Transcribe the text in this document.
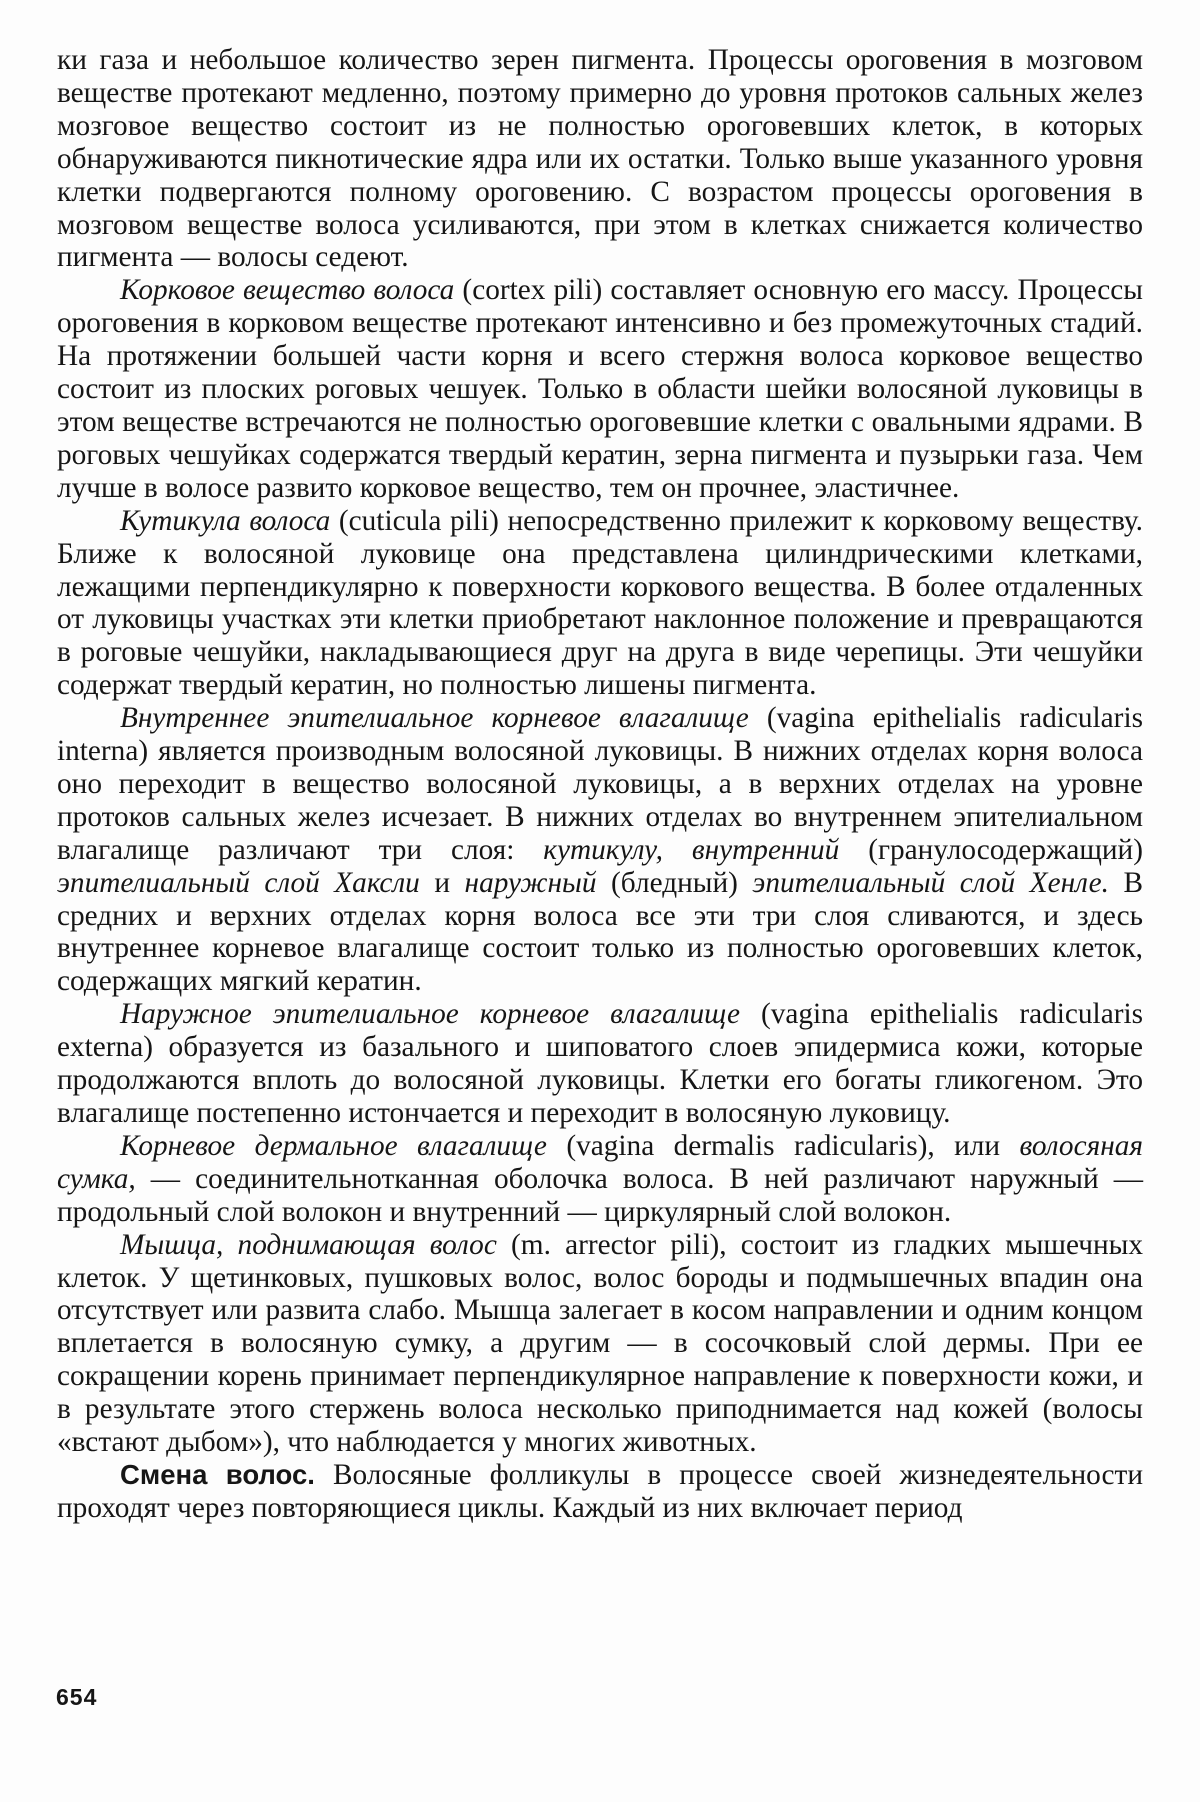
ки газа и небольшое количество зерен пигмента. Процессы ороговения в мозговом веществе протекают медленно, поэтому примерно до уровня протоков сальных желез мозговое вещество состоит из не полностью ороговевших клеток, в которых обнаруживаются пикнотические ядра или их остатки. Только выше указанного уровня клетки подвергаются полному ороговению. С возрастом процессы ороговения в мозговом веществе волоса усиливаются, при этом в клетках снижается количество пигмента — волосы седеют.

Корковое вещество волоса (cortex pili) составляет основную его массу. Процессы ороговения в корковом веществе протекают интенсивно и без промежуточных стадий. На протяжении большей части корня и всего стержня волоса корковое вещество состоит из плоских роговых чешуек. Только в области шейки волосяной луковицы в этом веществе встречаются не полностью ороговевшие клетки с овальными ядрами. В роговых чешуйках содержатся твердый кератин, зерна пигмента и пузырьки газа. Чем лучше в волосе развито корковое вещество, тем он прочнее, эластичнее.

Кутикула волоса (cuticula pili) непосредственно прилежит к корковому веществу. Ближе к волосяной луковице она представлена цилиндрическими клетками, лежащими перпендикулярно к поверхности коркового вещества. В более отдаленных от луковицы участках эти клетки приобретают наклонное положение и превращаются в роговые чешуйки, накладывающиеся друг на друга в виде черепицы. Эти чешуйки содержат твердый кератин, но полностью лишены пигмента.

Внутреннее эпителиальное корневое влагалище (vagina epithelialis radicularis interna) является производным волосяной луковицы. В нижних отделах корня волоса оно переходит в вещество волосяной луковицы, а в верхних отделах на уровне протоков сальных желез исчезает. В нижних отделах во внутреннем эпителиальном влагалище различают три слоя: кутикулу, внутренний (гранулосодержащий) эпителиальный слой Хаксли и наружный (бледный) эпителиальный слой Хенле. В средних и верхних отделах корня волоса все эти три слоя сливаются, и здесь внутреннее корневое влагалище состоит только из полностью ороговевших клеток, содержащих мягкий кератин.

Наружное эпителиальное корневое влагалище (vagina epithelialis radicularis externa) образуется из базального и шиповатого слоев эпидермиса кожи, которые продолжаются вплоть до волосяной луковицы. Клетки его богаты гликогеном. Это влагалище постепенно истончается и переходит в волосяную луковицу.

Корневое дермальное влагалище (vagina dermalis radicularis), или волосяная сумка, — соединительнотканная оболочка волоса. В ней различают наружный — продольный слой волокон и внутренний — циркулярный слой волокон.

Мышца, поднимающая волос (m. arrector pili), состоит из гладких мышечных клеток. У щетинковых, пушковых волос, волос бороды и подмышечных впадин она отсутствует или развита слабо. Мышца залегает в косом направлении и одним концом вплетается в волосяную сумку, а другим — в сосочковый слой дермы. При ее сокращении корень принимает перпендикулярное направление к поверхности кожи, и в результате этого стержень волоса несколько приподнимается над кожей (волосы «встают дыбом»), что наблюдается у многих животных.

Смена волос. Волосяные фолликулы в процессе своей жизнедеятельности проходят через повторяющиеся циклы. Каждый из них включает период

654
